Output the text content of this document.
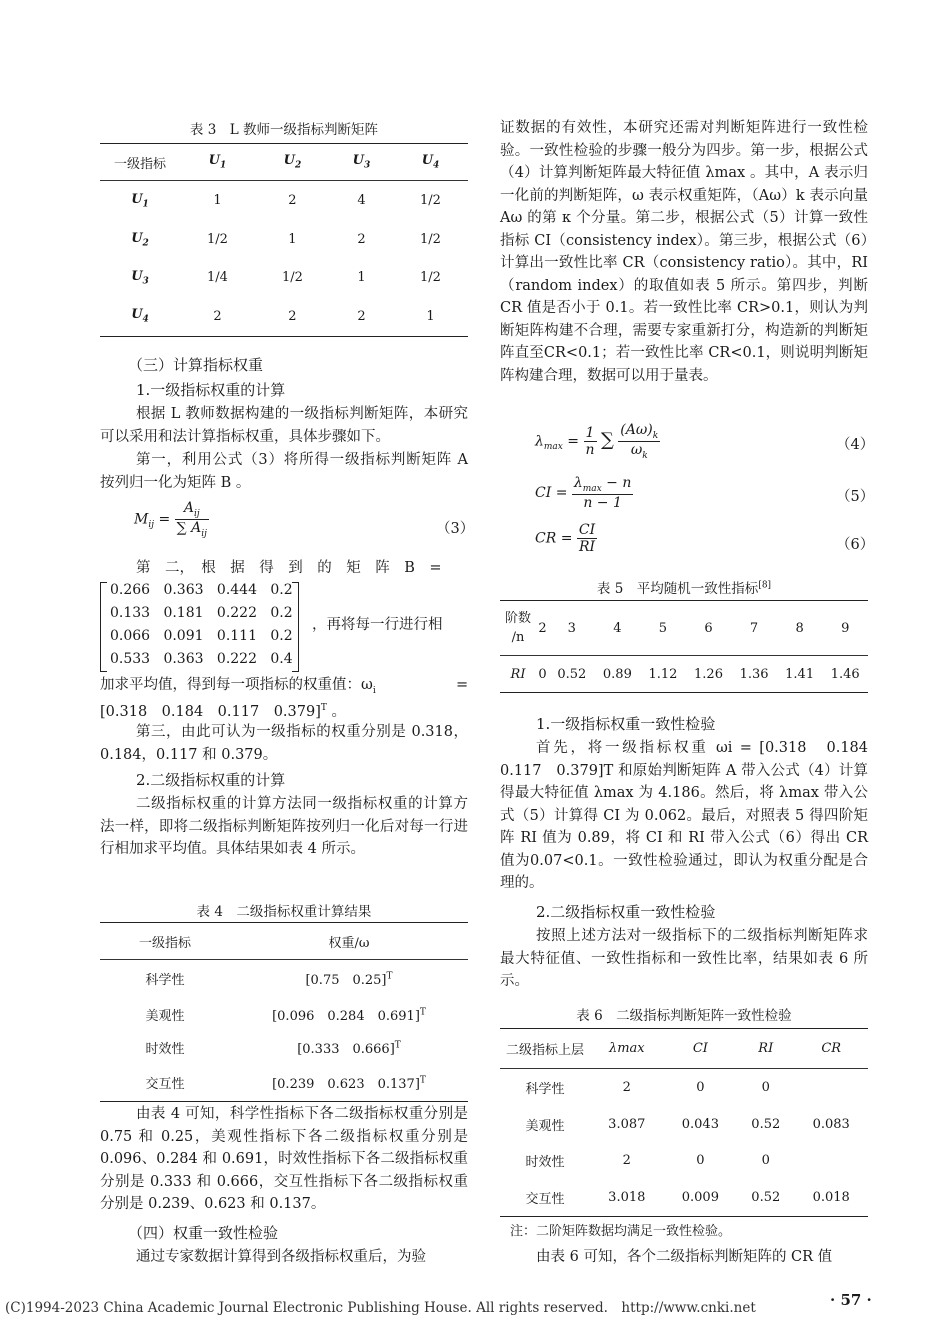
表 3　L 教师一级指标判断矩阵
一级指标	$U_1$	$U_2$	$U_3$	$U_4$
$U_1$	1	2	4	1/2
$U_2$	1/2	1	2	1/2
$U_3$	1/4	1/2	1	1/2
$U_4$	2	2	2	1
（三）计算指标权重
1.一级指标权重的计算
根据 L 教师数据构建的一级指标判断矩阵，本研究可以采用和法计算指标权重，具体步骤如下。
第一，利用公式（3）将所得一级指标判断矩阵 A 按列归一化为矩阵 B 。
$M_{ij} = \frac{A_{ij}}{\sum A_{ij}}$	（3）
第　二，　根　据　得　到　的　矩　阵　B　=
0.266 0.363 0.444 0.2
0.133 0.181 0.222 0.2
0.066 0.091 0.111 0.2
0.533 0.363 0.222 0.4
，再将每一行进行相
加求平均值，得到每一项指标的权重值：$\omega_i$	=
[0.318　0.184　0.117　0.379]$^T$ 。
第三，由此可认为一级指标的权重分别是 0.318，0.184，0.117 和 0.379。
2.二级指标权重的计算
二级指标权重的计算方法同一级指标权重的计算方法一样，即将二级指标判断矩阵按列归一化后对每一行进行相加求平均值。具体结果如表 4 所示。
表 4　二级指标权重计算结果
一级指标	权重/ω
科学性	[0.75　0.25]$^T$
美观性	[0.096　0.284　0.691]$^T$
时效性	[0.333　0.666]$^T$
交互性	[0.239　0.623　0.137]$^T$
由表 4 可知，科学性指标下各二级指标权重分别是 0.75 和 0.25，美观性指标下各二级指标权重分别是 0.096、0.284 和 0.691，时效性指标下各二级指标权重分别是 0.333 和 0.666，交互性指标下各二级指标权重分别是 0.239、0.623 和 0.137。
（四）权重一致性检验
通过专家数据计算得到各级指标权重后，为验
证数据的有效性，本研究还需对判断矩阵进行一致性检验。一致性检验的步骤一般分为四步。第一步，根据公式（4）计算判断矩阵最大特征值 λmax 。其中，A 表示归一化前的判断矩阵，ω 表示权重矩阵，（Aω）k 表示向量 Aω 的第 κ 个分量。第二步，根据公式（5）计算一致性指标 CI（consistency index）。第三步，根据公式（6）计算出一致性比率 CR（consistency ratio）。其中，RI（random index）的取值如表 5 所示。第四步，判断 CR 值是否小于 0.1。若一致性比率 CR>0.1，则认为判断矩阵构建不合理，需要专家重新打分，构造新的判断矩阵直至CR<0.1；若一致性比率 CR<0.1，则说明判断矩阵构建合理，数据可以用于量表。
$\lambda_{max} = \frac{1}{n}$ ∑ $\frac{(A\omega)_k}{\omega_k}$	（4）
CI = $\frac{\lambda_{max} - n}{n - 1}$	（5）
CR = $\frac{CI}{RI}$	（6）
表 5　平均随机一致性指标[8]
阶数 /n	2	3	4	5	6	7	8	9
RI	0	0.52	0.89	1.12	1.26	1.36	1.41	1.46
1.一级指标权重一致性检验
首先，将一级指标权重 ωi = [0.318　0.184　0.117　0.379]T 和原始判断矩阵 A 带入公式（4）计算得最大特征值 λmax 为 4.186。然后，将 λmax 带入公式（5）计算得 CI 为 0.062。最后，对照表 5 得四阶矩阵 RI 值为 0.89，将 CI 和 RI 带入公式（6）得出 CR 值为0.07<0.1。一致性检验通过，即认为权重分配是合理的。
2.二级指标权重一致性检验
按照上述方法对一级指标下的二级指标判断矩阵求最大特征值、一致性指标和一致性比率，结果如表 6 所示。
表 6　二级指标判断矩阵一致性检验
二级指标上层	λmax	CI	RI	CR
科学性	2	0	0	
美观性	3.087	0.043	0.52	0.083
时效性	2	0	0	
交互性	3.018	0.009	0.52	0.018
注：二阶矩阵数据均满足一致性检验。
由表 6 可知，各个二级指标判断矩阵的 CR 值
(C)1994-2023 China Academic Journal Electronic Publishing House. All rights reserved.　http://www.cnki.net	· 57 ·
